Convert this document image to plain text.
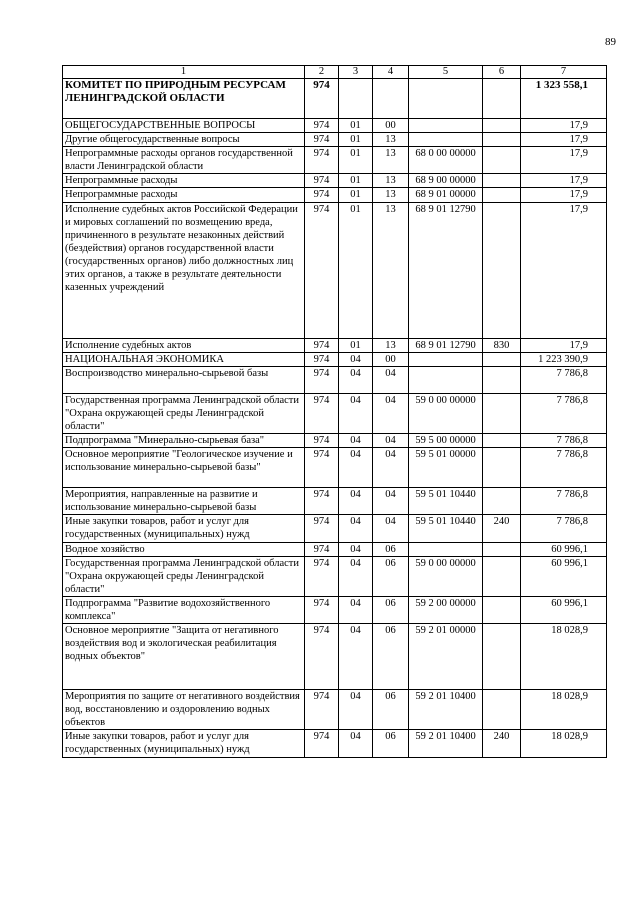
89
1	2	3	4	5	6	7
КОМИТЕТ ПО ПРИРОДНЫМ РЕСУРСАМ ЛЕНИНГРАДСКОЙ ОБЛАСТИ	974					1 323 558,1
ОБЩЕГОСУДАРСТВЕННЫЕ ВОПРОСЫ	974	01	00			17,9
Другие общегосударственные вопросы	974	01	13			17,9
Непрограммные расходы органов государственной власти Ленинградской области	974	01	13	68 0 00 00000		17,9
Непрограммные расходы	974	01	13	68 9 00 00000		17,9
Непрограммные расходы	974	01	13	68 9 01 00000		17,9
Исполнение судебных актов Российской Федерации и мировых соглашений по возмещению вреда, причиненного в результате незаконных действий (бездействия) органов государственной власти (государственных органов) либо должностных лиц этих органов, а также в результате деятельности казенных учреждений	974	01	13	68 9 01 12790		17,9
Исполнение судебных актов	974	01	13	68 9 01 12790	830	17,9
НАЦИОНАЛЬНАЯ ЭКОНОМИКА	974	04	00			1 223 390,9
Воспроизводство минерально-сырьевой базы	974	04	04			7 786,8
Государственная программа Ленинградской области "Охрана окружающей среды Ленинградской области"	974	04	04	59 0 00 00000		7 786,8
Подпрограмма "Минерально-сырьевая база"	974	04	04	59 5 00 00000		7 786,8
Основное мероприятие "Геологическое изучение и использование минерально-сырьевой базы"	974	04	04	59 5 01 00000		7 786,8
Мероприятия, направленные на развитие и использование минерально-сырьевой базы	974	04	04	59 5 01 10440		7 786,8
Иные закупки товаров, работ и услуг для государственных (муниципальных) нужд	974	04	04	59 5 01 10440	240	7 786,8
Водное хозяйство	974	04	06			60 996,1
Государственная программа Ленинградской области "Охрана окружающей среды Ленинградской области"	974	04	06	59 0 00 00000		60 996,1
Подпрограмма "Развитие водохозяйственного комплекса"	974	04	06	59 2 00 00000		60 996,1
Основное мероприятие "Защита от негативного воздействия вод и экологическая реабилитация водных объектов"	974	04	06	59 2 01 00000		18 028,9
Мероприятия по защите от негативного воздействия вод, восстановлению и оздоровлению водных объектов	974	04	06	59 2 01 10400		18 028,9
Иные закупки товаров, работ и услуг для государственных (муниципальных) нужд	974	04	06	59 2 01 10400	240	18 028,9
